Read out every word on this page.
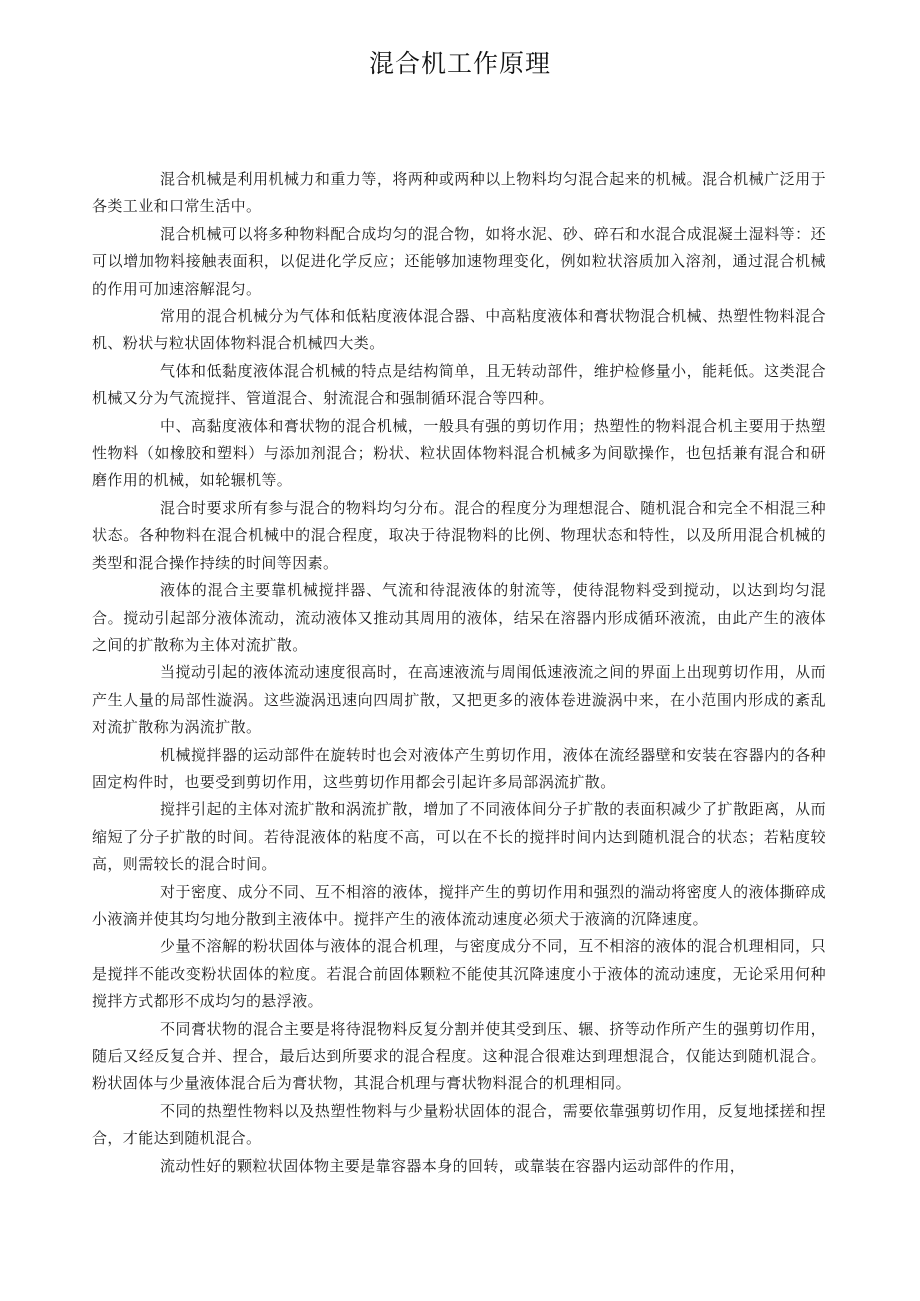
混合机工作原理

混合机械是利用机械力和重力等，将两种或两种以上物料均匀混合起来的机械。混合机械广泛用于各类工业和口常生活中。

混合机械可以将多种物料配合成均匀的混合物，如将水泥、砂、碎石和水混合成混凝土湿料等：还可以增加物料接触表面积，以促进化学反应；还能够加速物理变化，例如粒状溶质加入溶剂，通过混合机械的作用可加速溶解混匀。

常用的混合机械分为气体和低粘度液体混合器、中高粘度液体和膏状物混合机械、热塑性物料混合机、粉状与粒状固体物料混合机械四大类。

气体和低黏度液体混合机械的特点是结构简单，且无转动部件，维护检修量小，能耗低。这类混合机械又分为气流搅拌、管道混合、射流混合和强制循环混合等四种。

中、高黏度液体和膏状物的混合机械，一般具有强的剪切作用；热塑性的物料混合机主要用于热塑性物料（如橡胶和塑料）与添加剂混合；粉状、粒状固体物料混合机械多为间歇操作，也包括兼有混合和研磨作用的机械，如轮辗机等。

混合时要求所有参与混合的物料均匀分布。混合的程度分为理想混合、随机混合和完全不相混三种状态。各种物料在混合机械中的混合程度，取决于待混物料的比例、物理状态和特性，以及所用混合机械的类型和混合操作持续的时间等因素。

液体的混合主要靠机械搅拌器、气流和待混液体的射流等，使待混物料受到搅动，以达到均匀混合。搅动引起部分液体流动，流动液体又推动其周用的液体，结呆在溶器内形成循环液流，由此产生的液体之间的扩散称为主体对流扩散。

当搅动引起的液体流动速度很高时，在高速液流与周闱低速液流之间的界面上出现剪切作用，从而产生人量的局部性漩涡。这些漩涡迅速向四周扩散，又把更多的液体卷进漩涡中来，在小范围内形成的紊乱对流扩散称为涡流扩散。

机械搅拌器的运动部件在旋转时也会对液体产生剪切作用，液体在流经器壁和安装在容器内的各种固定构件时，也要受到剪切作用，这些剪切作用都会引起许多局部涡流扩散。

搅拌引起的主体对流扩散和涡流扩散，增加了不同液体间分子扩散的表面积减少了扩散距离，从而缩短了分子扩散的时间。若待混液体的粘度不高，可以在不长的搅拌时间内达到随机混合的状态；若粘度较高，则需较长的混合时间。

对于密度、成分不同、互不相溶的液体，搅拌产生的剪切作用和强烈的湍动将密度人的液体撕碎成小液滴并使其均匀地分散到主液体中。搅拌产生的液体流动速度必须犬于液滴的沉降速度。

少量不溶解的粉状固体与液体的混合机理，与密度成分不同，互不相溶的液体的混合机理相同，只是搅拌不能改变粉状固体的粒度。若混合前固体颗粒不能使其沉降速度小于液体的流动速度，无论采用何种搅拌方式都形不成均匀的悬浮液。

不同膏状物的混合主要是将待混物料反复分割并使其受到压、辗、挤等动作所产生的强剪切作用，随后又经反复合并、捏合，最后达到所要求的混合程度。这种混合很难达到理想混合，仅能达到随机混合。粉状固体与少量液体混合后为膏状物，其混合机理与膏状物料混合的机理相同。

不同的热塑性物料以及热塑性物料与少量粉状固体的混合，需要依靠强剪切作用，反复地揉搓和捏合，才能达到随机混合。

流动性好的颗粒状固体物主要是靠容器本身的回转，或靠装在容器内运动部件的作用，
